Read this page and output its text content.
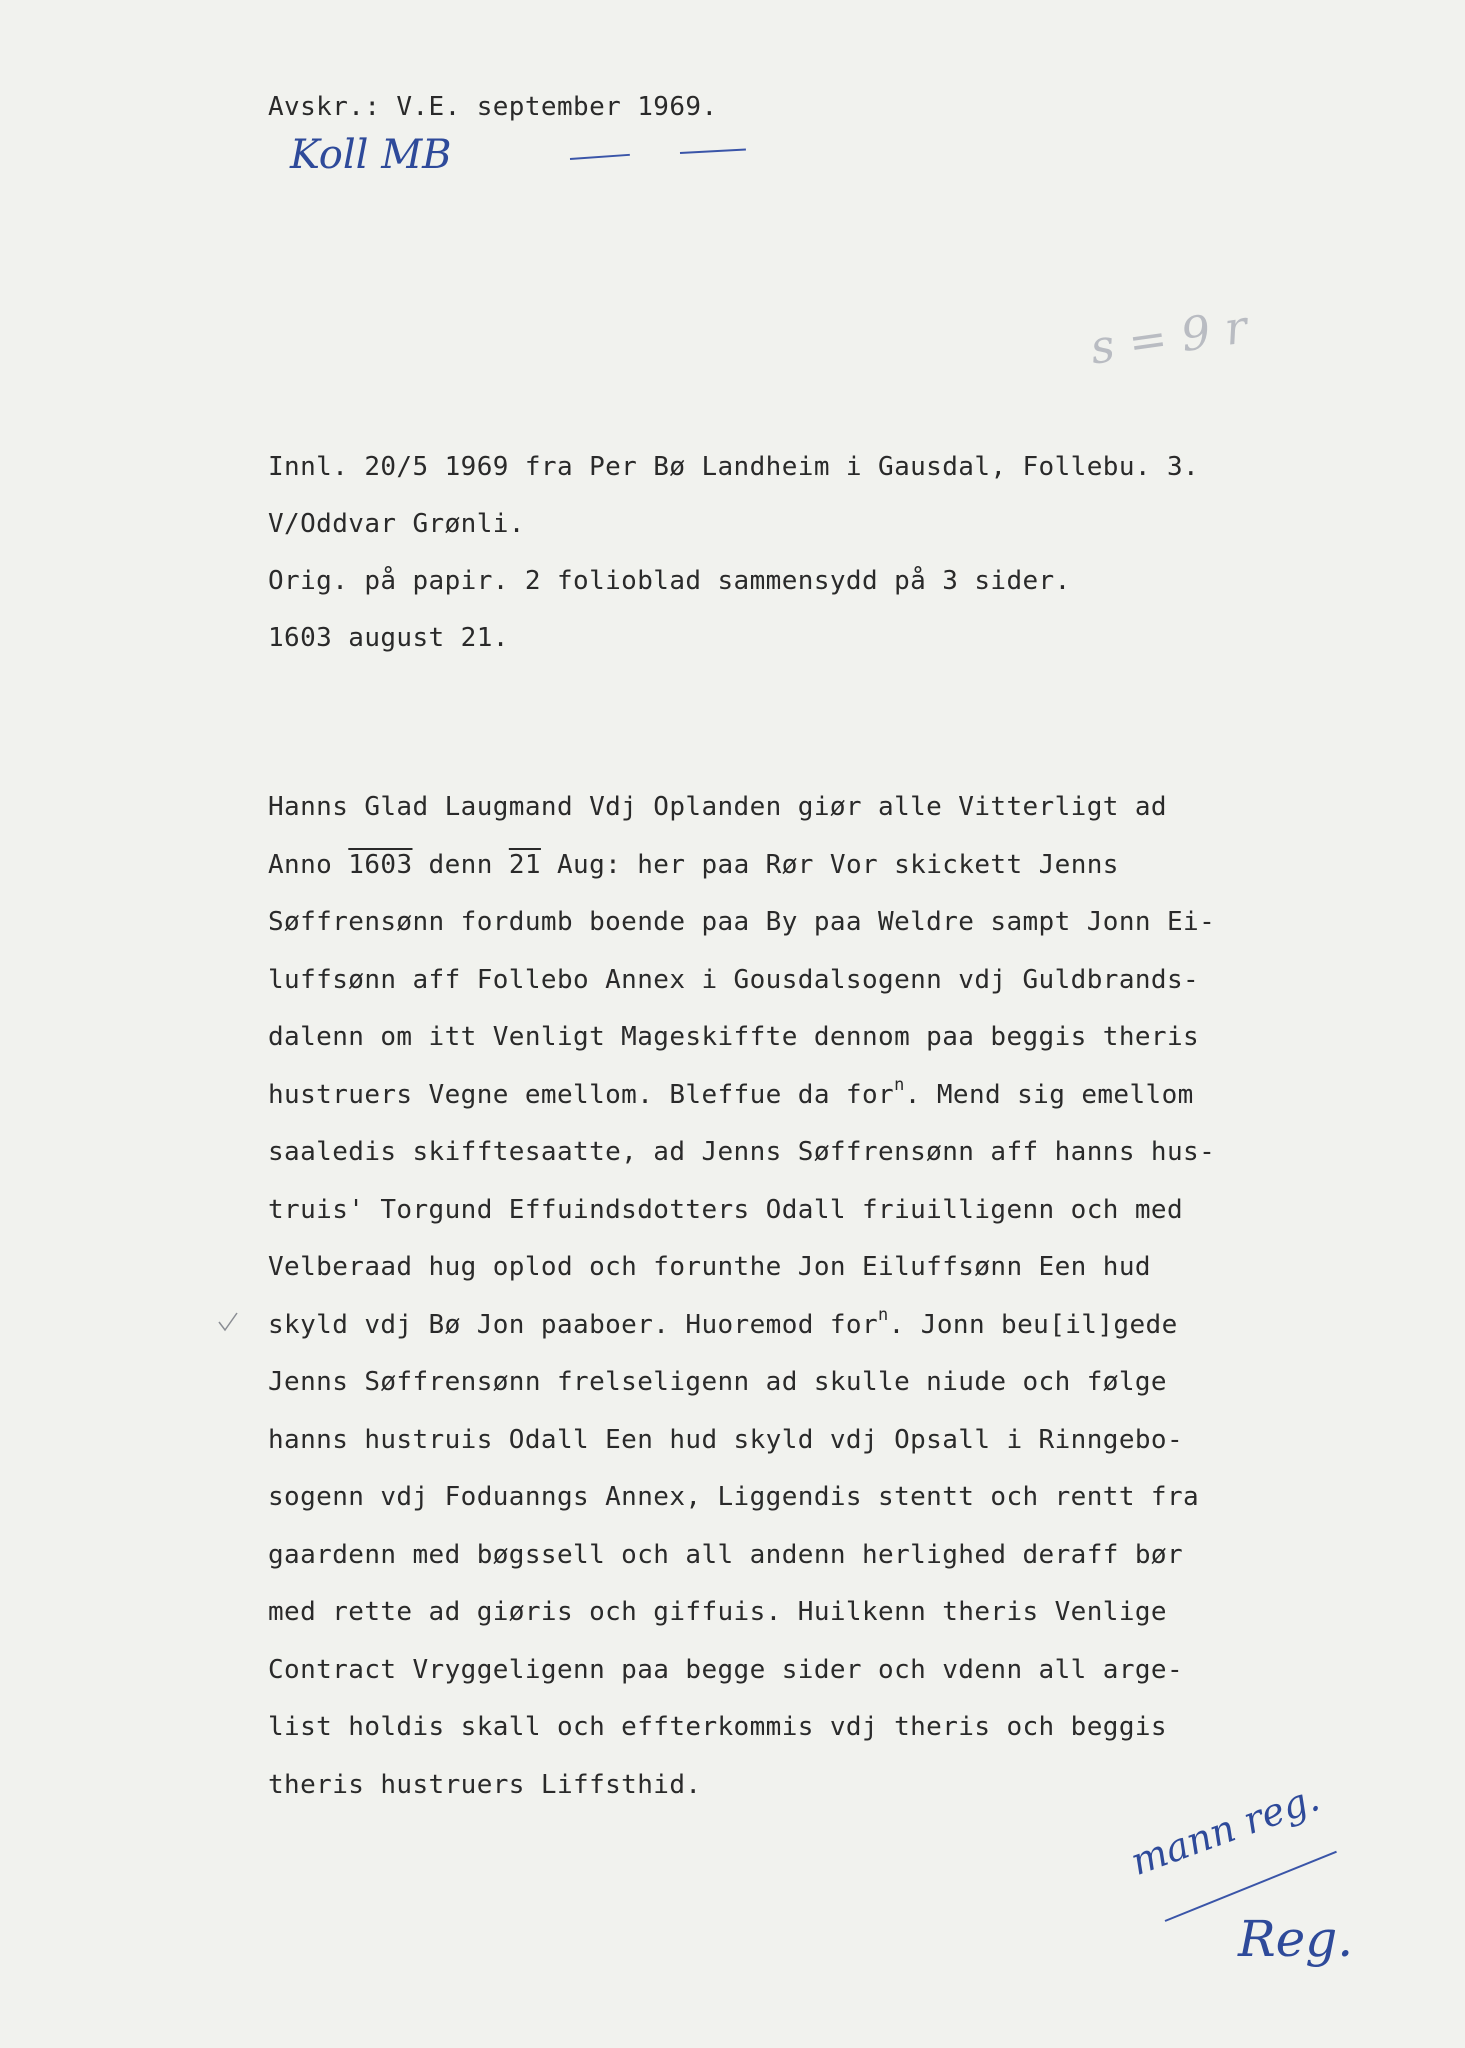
Avskr.: V.E. september 1969.

Koll MB
s = 9 r

Innl. 20/5 1969 fra Per Bø Landheim i Gausdal, Follebu. 3.

V/Oddvar Grønli.

Orig. på papir. 2 folioblad sammensydd på 3 sider.

1603 august 21.

Hanns Glad Laugmand Vdj Oplanden giør alle Vitterligt ad
Anno 1603 denn 21 Aug: her paa Rør Vor skickett Jenns
Søffrensønn fordumb boende paa By paa Weldre sampt Jonn Ei-
luffsønn aff Follebo Annex i Gousdalsogenn vdj Guldbrands-
dalenn om itt Venligt Mageskiffte dennom paa beggis theris
hustruers Vegne emellom. Bleffue da for$^n$. Mend sig emellom
saaledis skifftesaatte, ad Jenns Søffrensønn aff hanns hus-
truis' Torgund Effuindsdotters Odall friuilligenn och med
Velberaad hug oplod och forunthe Jon Eiluffsønn Een hud
skyld vdj Bø Jon paaboer. Huoremod for$^n$. Jonn beu[il]gede
Jenns Søffrensønn frelseligenn ad skulle niude och følge
hanns hustruis Odall Een hud skyld vdj Opsall i Rinngebo-
sogenn vdj Foduanngs Annex, Liggendis stentt och rentt fra
gaardenn med bøgssell och all andenn herlighed deraff bør
med rette ad giøris och giffuis. Huilkenn theris Venlige
Contract Vryggeligenn paa begge sider och vdenn all arge-
list holdis skall och effterkommis vdj theris och beggis
theris hustruers Liffsthid.	mann reg.
Reg.
